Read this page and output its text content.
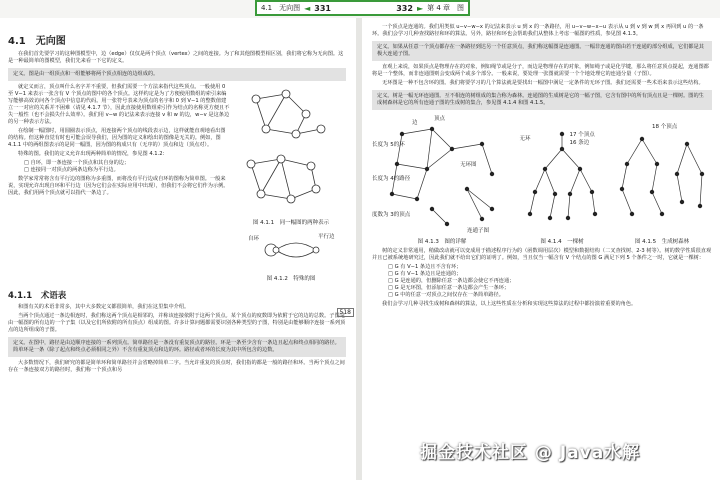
4.1　无向图 ◄ 331	332 ► 第 4 章　图
4.1　无向图

在我们首先要学习的这种图模型中，边（edge）仅仅是两个顶点（vertex）之间的连接。为了和其他图模型相区别，我们将它称为无向图。这是一种最简单的图模型，我们先来看一下它的定义。

定义。图是由一组顶点和一组能够将两个顶点相连的边组成的。

就定义而言，顶点叫什么名字并不重要，但我们需要一个方法来指代这些顶点。一般使用 0 至 V−1 来表示一张含有 V 个顶点的图中的各个顶点。这样约定是为了方便使用数组的索引来编写能够高效访问各个顶点中信息的代码。用一张符号表来为顶点的名字和 0 到 V−1 的整数值建立一一对应的关系并不困难（请见 4.1.7 节），因此直接使用数组索引作为结点的名称更方便且不失一般性（也不会损失什么效率）。我们用 v−w 的记法来表示连接 v 和 w 的边，w−v 是这条边的另一种表示方法。

在绘制一幅图时，用圆圈表示顶点，用连接两个顶点的线段表示边，这样就能直观地看出图的结构。但这种直觉有时也可能会误导我们，因为图的定义和绘出的图像是无关的。例如，图 4.1.1 中的两组图表示的是同一幅图，因为图的构成只有（无序的）顶点和边（顶点对）。

特殊的图。我们的定义允许出现两种简单的情况，参见图 4.1.2：

□ 自环，即一条连接一个顶点和其自身的边；
□ 连接同一对顶点的两条边称为平行边。

数学家常常将含有平行边的图称为多重图，而将没有平行边或自环的图称为简单图。一般来说，实现允许出现自环和平行边（因为它们会在实际应用中出现），但我们不会将它们作为示例。因此，我们用两个顶点就可以指代一条边了。

图 4.1.1　同一幅图的两种表示
自环	平行边
图 4.1.2　特殊的图
518
4.1.1　术语表

和图有关的术语非常多，其中大多数定义都很简单，我们在这里集中介绍。

当两个顶点通过一条边相连时，我们称这两个顶点是相邻的，并称该连接依附于这两个顶点。某个顶点的度数即为依附于它的边的总数。子图是由一幅图的所有边的一个子集（以及它们所依附的所有顶点）组成的图。许多计算问题都需要识别各种类型的子图，特别是由能够顺序连接一系列顶点的边所组成的子图。

定义。在图中，路径是由边顺序连接的一系列顶点。简单路径是一条没有重复顶点的路径。环是一条至少含有一条边且起点和终点相同的路径。简单环是一条（除了起点和终点必须相同之外）不含有重复顶点和边的环。路径或者环的长度为其中所包含的边数。

大多数情况下，我们研究的都是简单环和简单路径并会省略掉简单二字。当允许重复的顶点时，我们指的都是一般的路径和环。当两个顶点之间存在一条连接双方的路径时，我们称一个顶点和另

一个顶点是连通的。我们用类似 u−v−w−x 的记法来表示 u 到 x 的一条路径，用 u−v−w−x−u 表示从 u 到 v 到 w 到 x 再回到 u 的一条环。我们会学习几种查找路径和环的算法。另外，路径和环也会帮助我们从整体上考虑一幅图的性质，参见图 4.1.3。

定义。如果从任意一个顶点都存在一条路径到达另一个任意顶点，我们称这幅图是连通图。一幅非连通的图由若干连通的部分组成，它们都是其极大连通子图。

直观上来说，如果顶点是物理存在的对象，例如绳节或是分子，而边是物理存在的对象，例如绳子或是化学键，那么将任意顶点提起，连通图都将是一个整体，而非连通图则会变成两个或多个部分。一般来说，要处理一张图就需要一个个地处理它的连通分量（子图）。

无环图是一种不包含环的图。我们将要学习的几个算法就是要找出一幅图中满足一定条件的无环子图。我们还需要一些术语来表示这些结构。

定义。树是一幅无环连通图。互不相连的树组成的集合称为森林。连通图的生成树是它的一幅子图，它含有图中的所有顶点且是一棵树。图的生成树森林是它的所有连通子图的生成树的集合，参见图 4.1.4 和图 4.1.5。
顶点
边
长度为 5的环
长度为 4的路径
无环图
连通子图
度数为 3的顶点
图 4.1.3　图的详解
17 个顶点
16 条边
无环
图 4.1.4　一棵树
18 个顶点
图 4.1.5　生成树森林

树的定义非常通用，稍做改动就可以变成用于描述程序行为的（函数调用层次）模型和数据结构（二叉查找树、2-3 树等）。树的数学性质很直观并且已被系统地研究过，因此我们就不给出它们的证明了。例如，当且仅当一幅含有 V 个结点的图 G 满足下列 5 个条件之一时，它就是一棵树：

□ G 有 V−1 条边且不含有环；
□ G 有 V−1 条边且是连通的；
□ G 是连通的，但删除任意一条边都会使它不再连通；
□ G 是无环图，但添加任意一条边都会产生一条环；
□ G 中的任意一对顶点之间仅存在一条简单路径。

我们会学习几种寻找生成树和森林的算法，以上这些性质在分析和实现这些算法的过程中都扮演着重要的角色。

掘金技术社区 @ Java水解
